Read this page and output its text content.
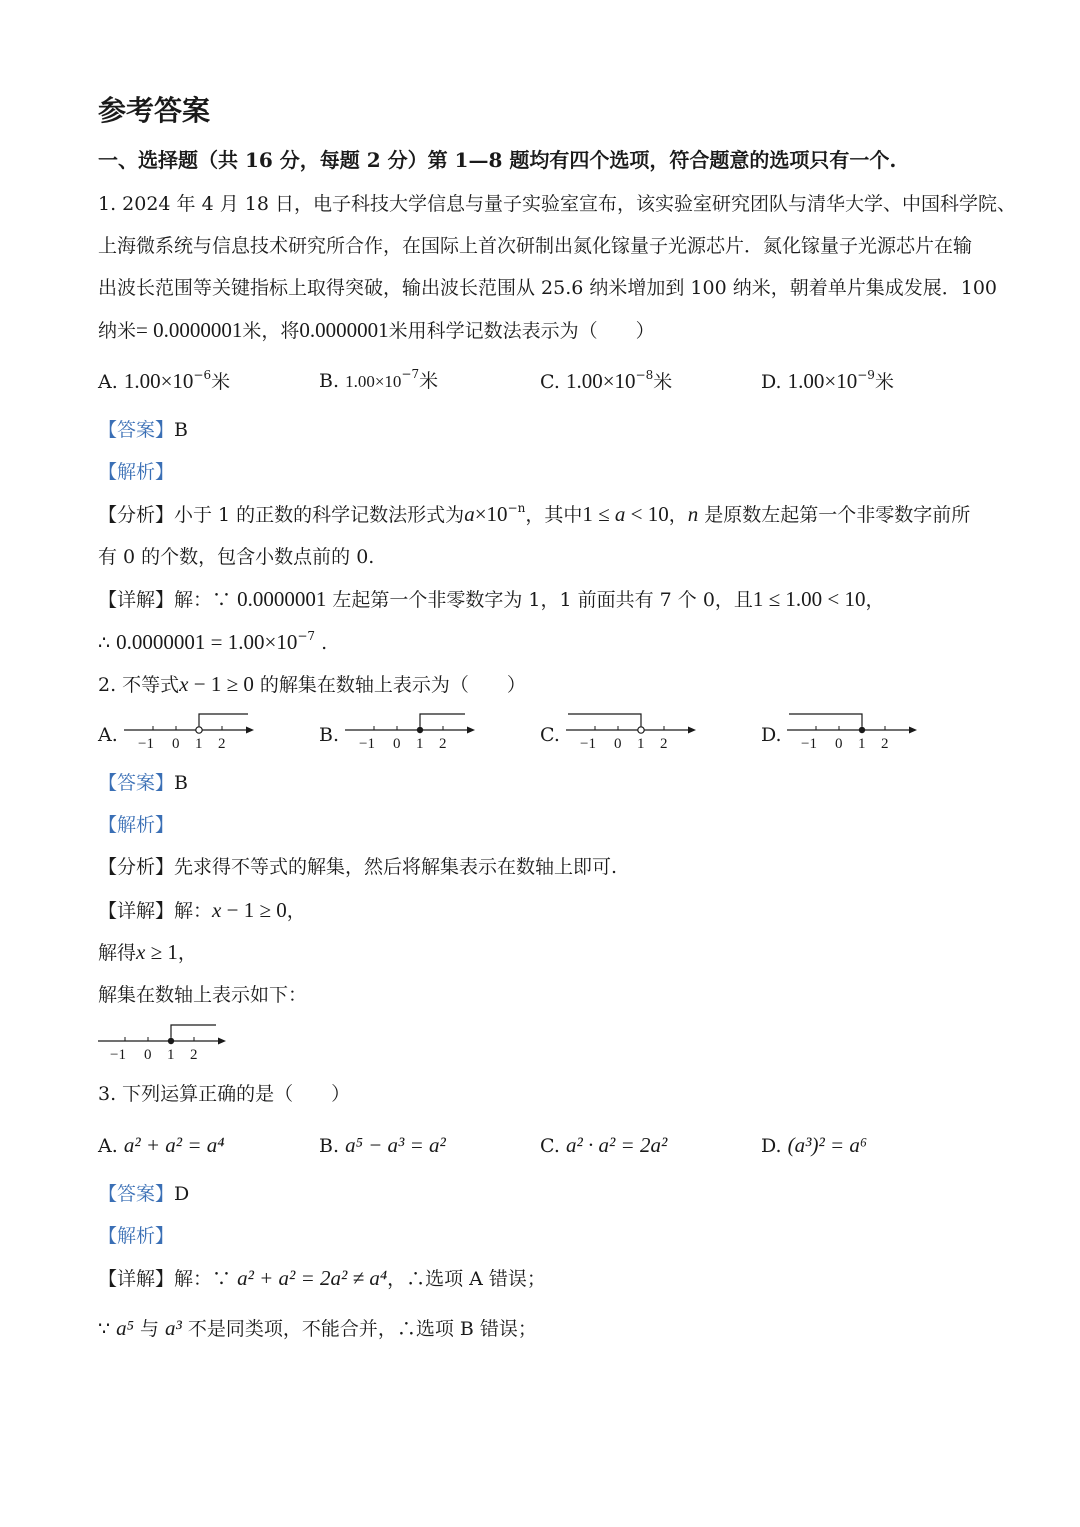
参考答案
一、选择题（共 16 分，每题 2 分）第 1—8 题均有四个选项，符合题意的选项只有一个.
1. 2024 年 4 月 18 日，电子科技大学信息与量子实验室宣布，该实验室研究团队与清华大学、中国科学院、
上海微系统与信息技术研究所合作，在国际上首次研制出氮化镓量子光源芯片．氮化镓量子光源芯片在输
出波长范围等关键指标上取得突破，输出波长范围从 25.6 纳米增加到 100 纳米，朝着单片集成发展．100
纳米= 0.0000001米，将0.0000001米用科学记数法表示为（　　）
A. $1.00\times 10^{-6}$米	B. $1.00\times 10^{-7}$米	C. $1.00\times 10^{-8}$米	D. $1.00\times 10^{-9}$米
【答案】B
【解析】
【分析】小于 1 的正数的科学记数法形式为$a\times 10^{-n}$，其中1 ≤ a < 10，n 是原数左起第一个非零数字前所
有 0 的个数，包含小数点前的 0.
【详解】解：∵ 0.0000001 左起第一个非零数字为 1，1 前面共有 7 个 0，且1 ≤ 1.00 < 10，
∴ $0.0000001 = 1.00\times 10^{-7}$ .
2. 不等式x − 1 ≥ 0 的解集在数轴上表示为（　　）
A. −1 0 1 2	B. −1 0 1 2	C. −1 0 1 2	D. −1 0 1 2
【答案】B
【解析】
【分析】先求得不等式的解集，然后将解集表示在数轴上即可.
【详解】解：x − 1 ≥ 0，
解得x ≥ 1，
解集在数轴上表示如下：
−1 0 1 2
3. 下列运算正确的是（　　）
A. a² + a² = a⁴	B. a⁵ − a³ = a²	C. a² · a² = 2a²	D. (a³)² = a⁶
【答案】D
【解析】
【详解】解：∵ a² + a² = 2a² ≠ a⁴，∴选项 A 错误；
∵ a⁵ 与 a³ 不是同类项，不能合并，∴选项 B 错误；
